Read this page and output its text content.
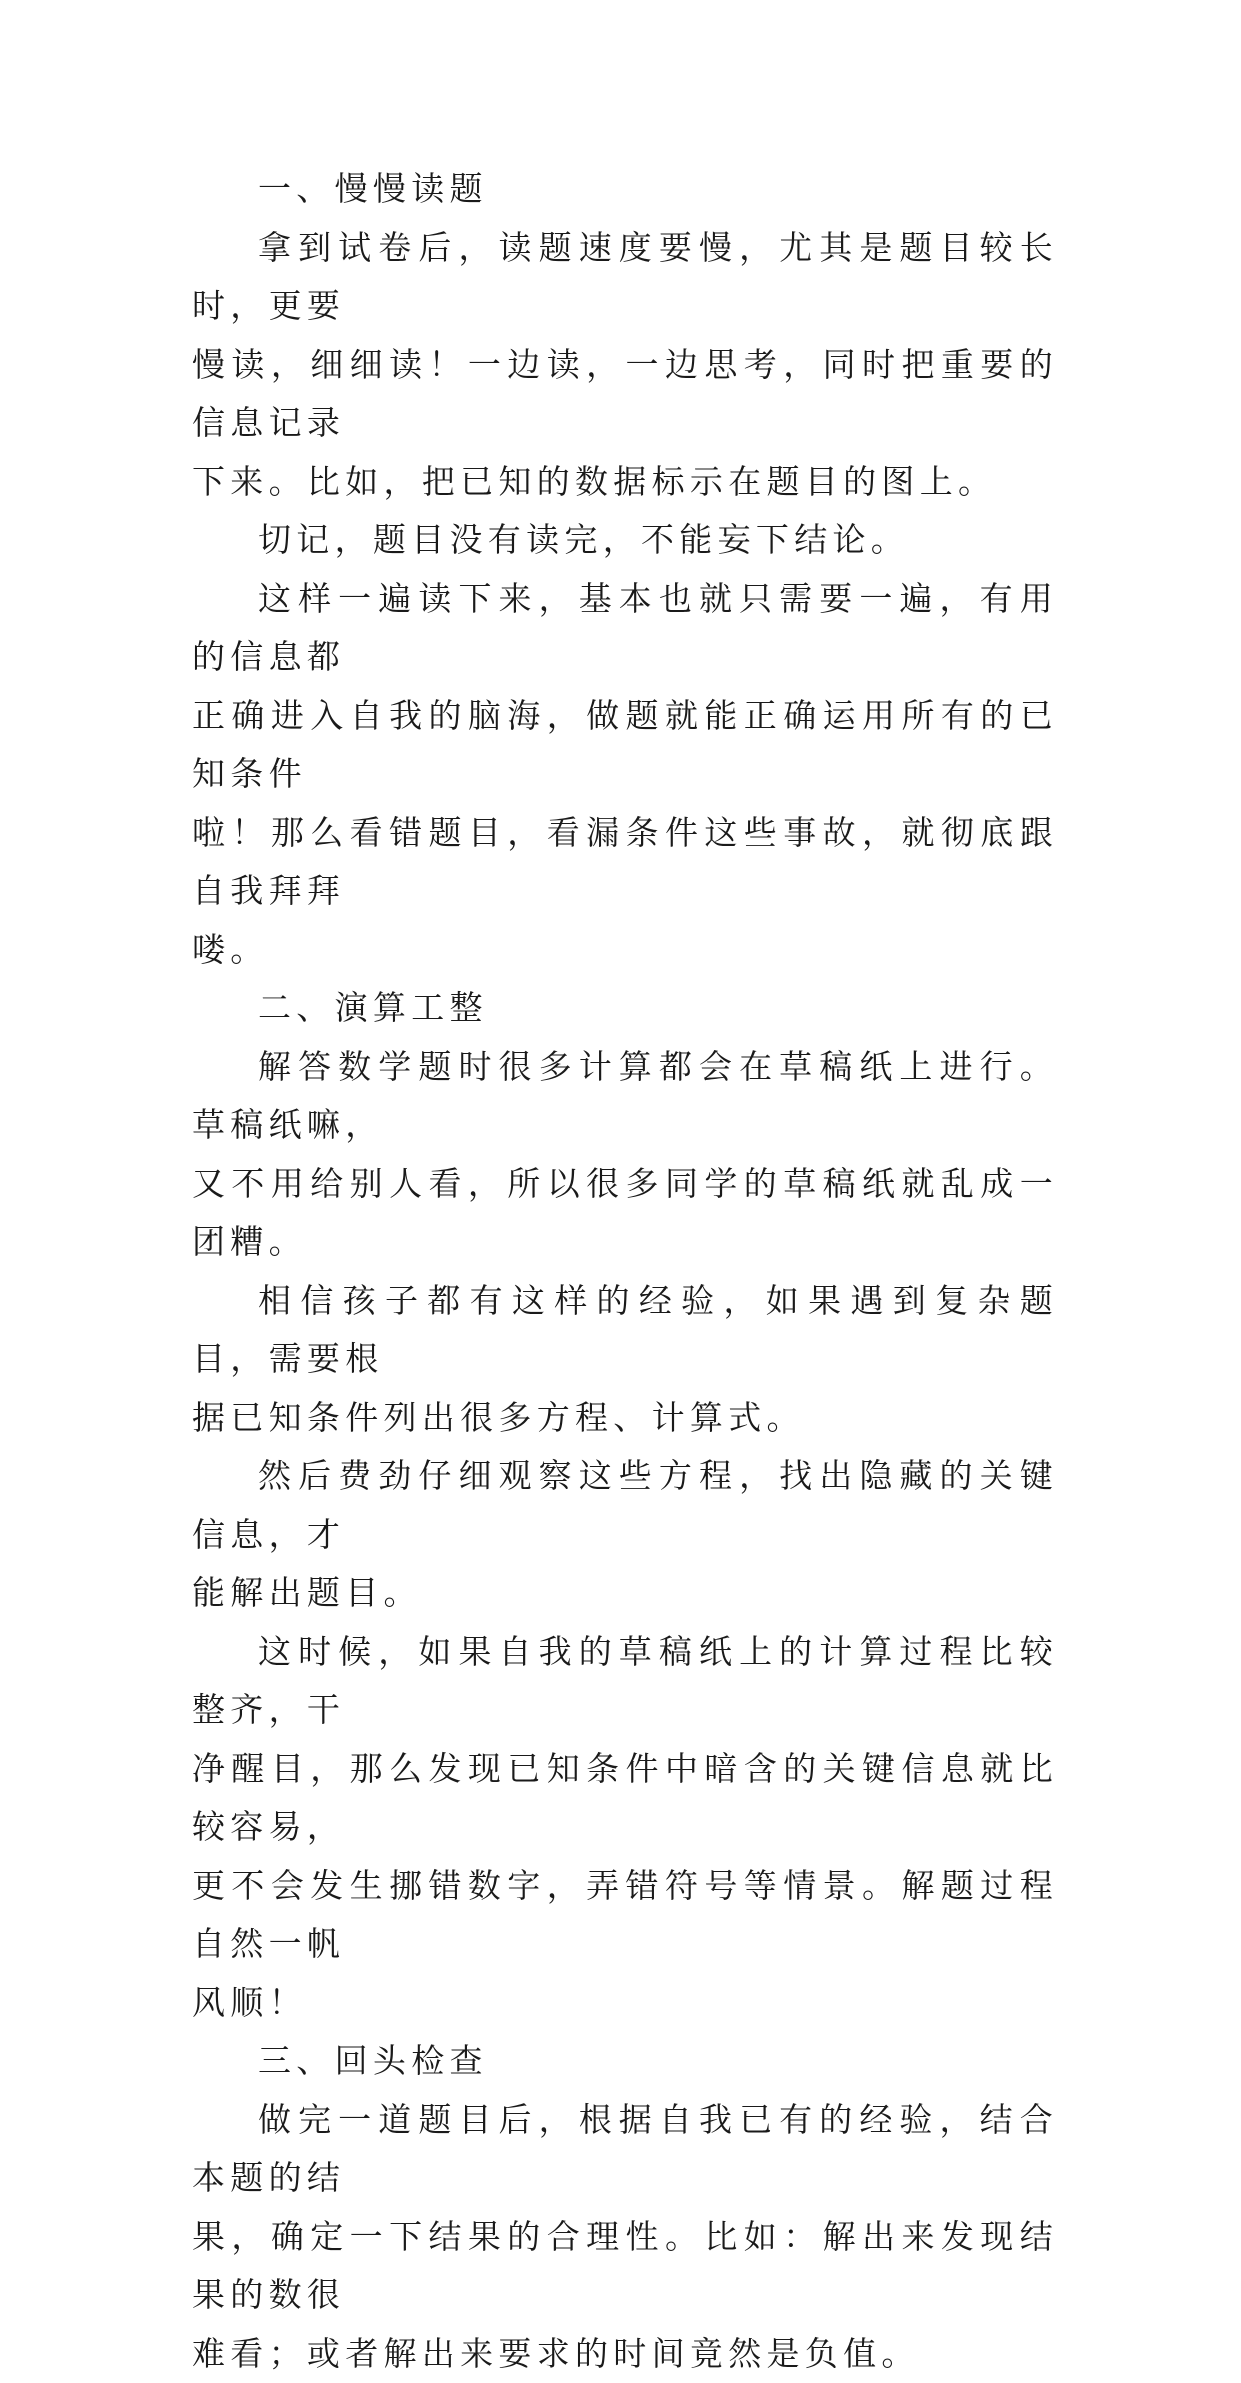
一、慢慢读题

拿到试卷后，读题速度要慢，尤其是题目较长时，更要
慢读，细细读！一边读，一边思考，同时把重要的信息记录
下来。比如，把已知的数据标示在题目的图上。

切记，题目没有读完，不能妄下结论。

这样一遍读下来，基本也就只需要一遍，有用的信息都
正确进入自我的脑海，做题就能正确运用所有的已知条件
啦！那么看错题目，看漏条件这些事故，就彻底跟自我拜拜
喽。

二、演算工整

解答数学题时很多计算都会在草稿纸上进行。草稿纸嘛，
又不用给别人看，所以很多同学的草稿纸就乱成一团糟。

相信孩子都有这样的经验，如果遇到复杂题目，需要根
据已知条件列出很多方程、计算式。

然后费劲仔细观察这些方程，找出隐藏的关键信息，才
能解出题目。

这时候，如果自我的草稿纸上的计算过程比较整齐，干
净醒目，那么发现已知条件中暗含的关键信息就比较容易，
更不会发生挪错数字，弄错符号等情景。解题过程自然一帆
风顺！

三、回头检查

做完一道题目后，根据自我已有的经验，结合本题的结
果，确定一下结果的合理性。比如：解出来发现结果的数很
难看；或者解出来要求的时间竟然是负值。
